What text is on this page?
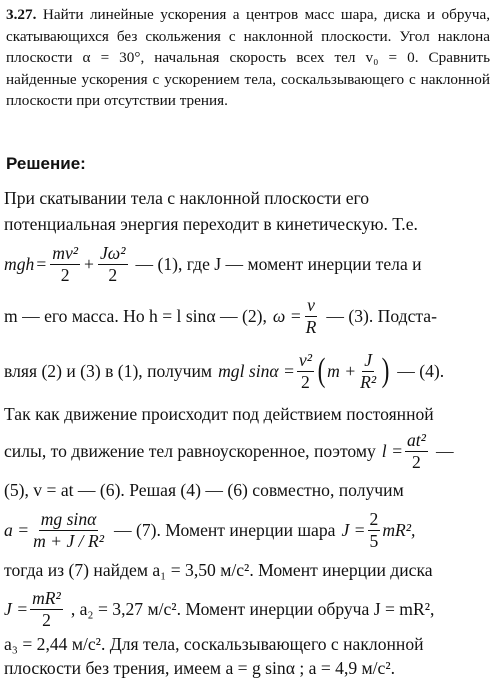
3.27. Найти линейные ускорения a центров масс шара, диска и обруча, скатывающихся без скольжения с наклонной плоскости. Угол наклона плоскости α = 30°, начальная скорость всех тел v₀ = 0. Сравнить найденные ускорения с ускорением тела, соскальзывающего с наклонной плоскости при отсутствии трения.
Решение:
При скатывании тела с наклонной плоскости его
потенциальная энергия переходит в кинетическую. Т.е.
mgh = $\frac{\text{mv²}}{2} + \frac{\text{Jω²}}{2}$ — (1), где J — момент инерции тела и
m — его масса. Но h = l sinα — (2), $\omega = \frac{v}{R}$ — (3). Подста-
вляя (2) и (3) в (1), получим mgl $\sin\alpha = \frac{\text{v²}}{2}$ ( $m + \frac{J}{\text{R²}}$ ) — (4).
Так как движение происходит под действием постоянной
силы, то движение тел равноускоренное, поэтому $l = \frac{\text{at²}}{2}$ —
(5), v = at — (6). Решая (4) — (6) совместно, получим
$a = \frac{\text{mg sinα}}{\text{m + J / R²}}$ — (7). Момент инерции шара $J = \frac{2}{5} mR^2$,
тогда из (7) найдем a₁ = 3,50 м/с². Момент инерции диска
$J = \frac{\text{mR²}}{2}$ , a₂ = 3,27 м/с². Момент инерции обруча J = mR²,
a₃ = 2,44 м/с². Для тела, соскальзывающего с наклонной
плоскости без трения, имеем a = g sinα ; a = 4,9 м/с².
